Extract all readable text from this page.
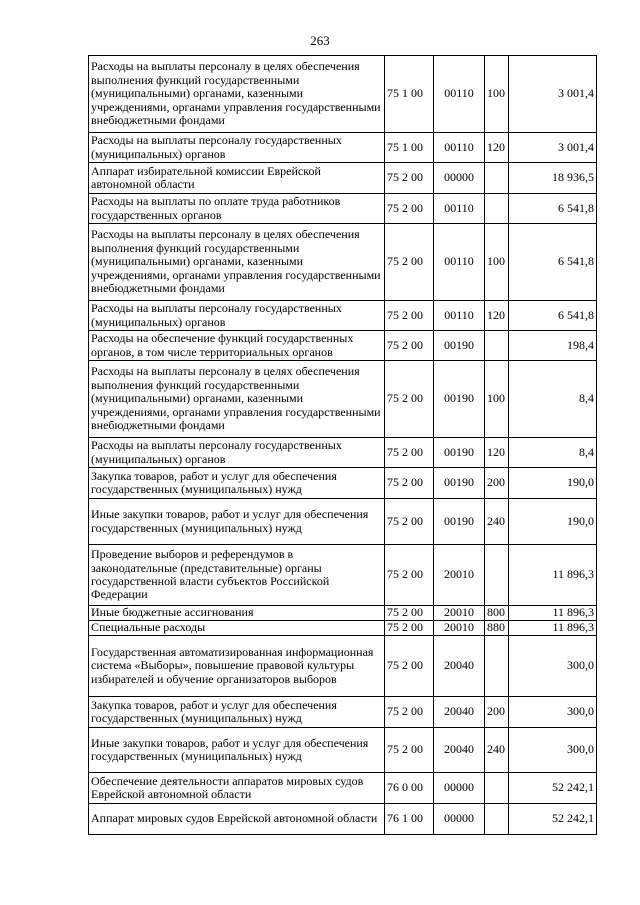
263
Расходы на выплаты персоналу в целях обеспечения выполнения функций государственными (муниципальными) органами, казенными учреждениями, органами управления государственными внебюджетными фондами	75 1 00	00110	100	3 001,4
Расходы на выплаты персоналу государственных (муниципальных) органов	75 1 00	00110	120	3 001,4
Аппарат избирательной комиссии Еврейской автономной области	75 2 00	00000		18 936,5
Расходы на выплаты по оплате труда работников государственных органов	75 2 00	00110		6 541,8
Расходы на выплаты персоналу в целях обеспечения выполнения функций государственными (муниципальными) органами, казенными учреждениями, органами управления государственными внебюджетными фондами	75 2 00	00110	100	6 541,8
Расходы на выплаты персоналу государственных (муниципальных) органов	75 2 00	00110	120	6 541,8
Расходы на обеспечение функций государственных органов, в том числе территориальных органов	75 2 00	00190		198,4
Расходы на выплаты персоналу в целях обеспечения выполнения функций государственными (муниципальными) органами, казенными учреждениями, органами управления государственными внебюджетными фондами	75 2 00	00190	100	8,4
Расходы на выплаты персоналу государственных (муниципальных) органов	75 2 00	00190	120	8,4
Закупка товаров, работ и услуг для обеспечения государственных (муниципальных) нужд	75 2 00	00190	200	190,0
Иные закупки товаров, работ и услуг для обеспечения государственных (муниципальных) нужд	75 2 00	00190	240	190,0
Проведение выборов и референдумов в законодательные (представительные) органы государственной власти субъектов Российской Федерации	75 2 00	20010		11 896,3
Иные бюджетные ассигнования	75 2 00	20010	800	11 896,3
Специальные расходы	75 2 00	20010	880	11 896,3
Государственная автоматизированная информационная система «Выборы», повышение правовой культуры избирателей и обучение организаторов выборов	75 2 00	20040		300,0
Закупка товаров, работ и услуг для обеспечения государственных (муниципальных) нужд	75 2 00	20040	200	300,0
Иные закупки товаров, работ и услуг для обеспечения государственных (муниципальных) нужд	75 2 00	20040	240	300,0
Обеспечение деятельности аппаратов мировых судов Еврейской автономной области	76 0 00	00000		52 242,1
Аппарат мировых судов Еврейской автономной области	76 1 00	00000		52 242,1
